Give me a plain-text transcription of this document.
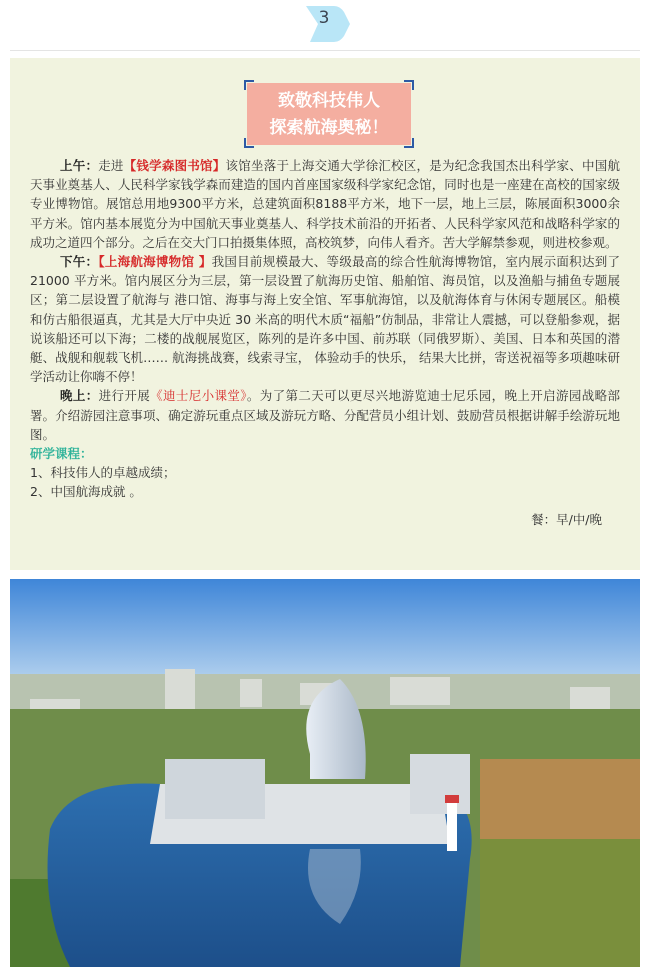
3
致敬科技伟人
探索航海奥秘！

上午：走进【钱学森图书馆】该馆坐落于上海交通大学徐汇校区，是为纪念我国杰出科学家、中国航天事业奠基人、人民科学家钱学森而建造的国内首座国家级科学家纪念馆，同时也是一座建在高校的国家级专业博物馆。展馆总用地9300平方米，总建筑面积8188平方米，地下一层，地上三层，陈展面积3000余平方米。馆内基本展览分为中国航天事业奠基人、科学技术前沿的开拓者、人民科学家风范和战略科学家的成功之道四个部分。之后在交大门口拍摄集体照，高校筑梦，向伟人看齐。苦大学解禁参观，则进校参观。

下午：【上海航海博物馆 】我国目前规模最大、等级最高的综合性航海博物馆，室内展示面积达到了 21000 平方米。馆内展区分为三层，第一层设置了航海历史馆、船舶馆、海员馆，以及渔船与捕鱼专题展区；第二层设置了航海与 港口馆、海事与海上安全馆、军事航海馆，以及航海体育与休闲专题展区。船模和仿古船很逼真，尤其是大厅中央近 30 米高的明代木质“福船”仿制品，非常让人震撼，可以登船参观，据说该船还可以下海；二楼的战舰展览区，陈列的是许多中国、前苏联（同俄罗斯）、美国、日本和英国的潜艇、战舰和舰载飞机…… 航海挑战赛，线索寻宝， 体验动手的快乐， 结果大比拼，寄送祝福等多项趣味研学活动让你嗨不停！

晚上：进行开展《迪士尼小课堂》。为了第二天可以更尽兴地游览迪士尼乐园，晚上开启游园战略部署。介绍游园注意事项、确定游玩重点区域及游玩方略、分配营员小组计划、鼓励营员根据讲解手绘游玩地图。

研学课程：

1、科技伟人的卓越成绩；

2、中国航海成就 。

餐：早/中/晚
